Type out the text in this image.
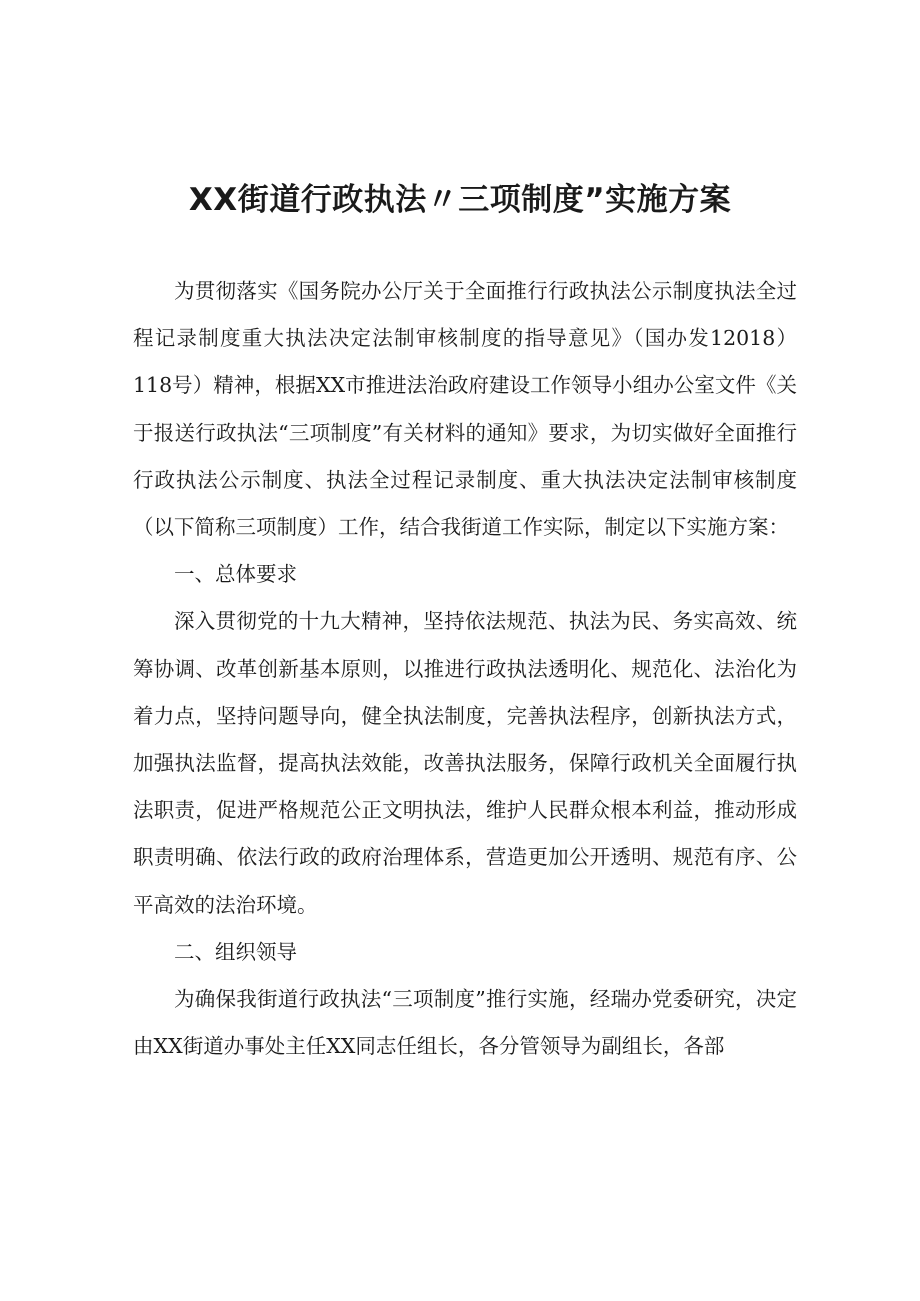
XX街道行政执法〃三项制度”实施方案

为贯彻落实《国务院办公厅关于全面推行行政执法公示制度执法全过程记录制度重大执法决定法制审核制度的指导意见》（国办发12018）118号）精神，根据XX市推进法治政府建设工作领导小组办公室文件《关于报送行政执法“三项制度”有关材料的通知》要求，为切实做好全面推行行政执法公示制度、执法全过程记录制度、重大执法决定法制审核制度（以下简称三项制度）工作，结合我街道工作实际，制定以下实施方案：

一、总体要求

深入贯彻党的十九大精神，坚持依法规范、执法为民、务实高效、统筹协调、改革创新基本原则，以推进行政执法透明化、规范化、法治化为着力点，坚持问题导向，健全执法制度，完善执法程序，创新执法方式，加强执法监督，提高执法效能，改善执法服务，保障行政机关全面履行执法职责，促进严格规范公正文明执法，维护人民群众根本利益，推动形成职责明确、依法行政的政府治理体系，营造更加公开透明、规范有序、公平高效的法治环境。

二、组织领导

为确保我街道行政执法“三项制度”推行实施，经瑞办党委研究，决定由XX街道办事处主任XX同志任组长，各分管领导为副组长，各部
